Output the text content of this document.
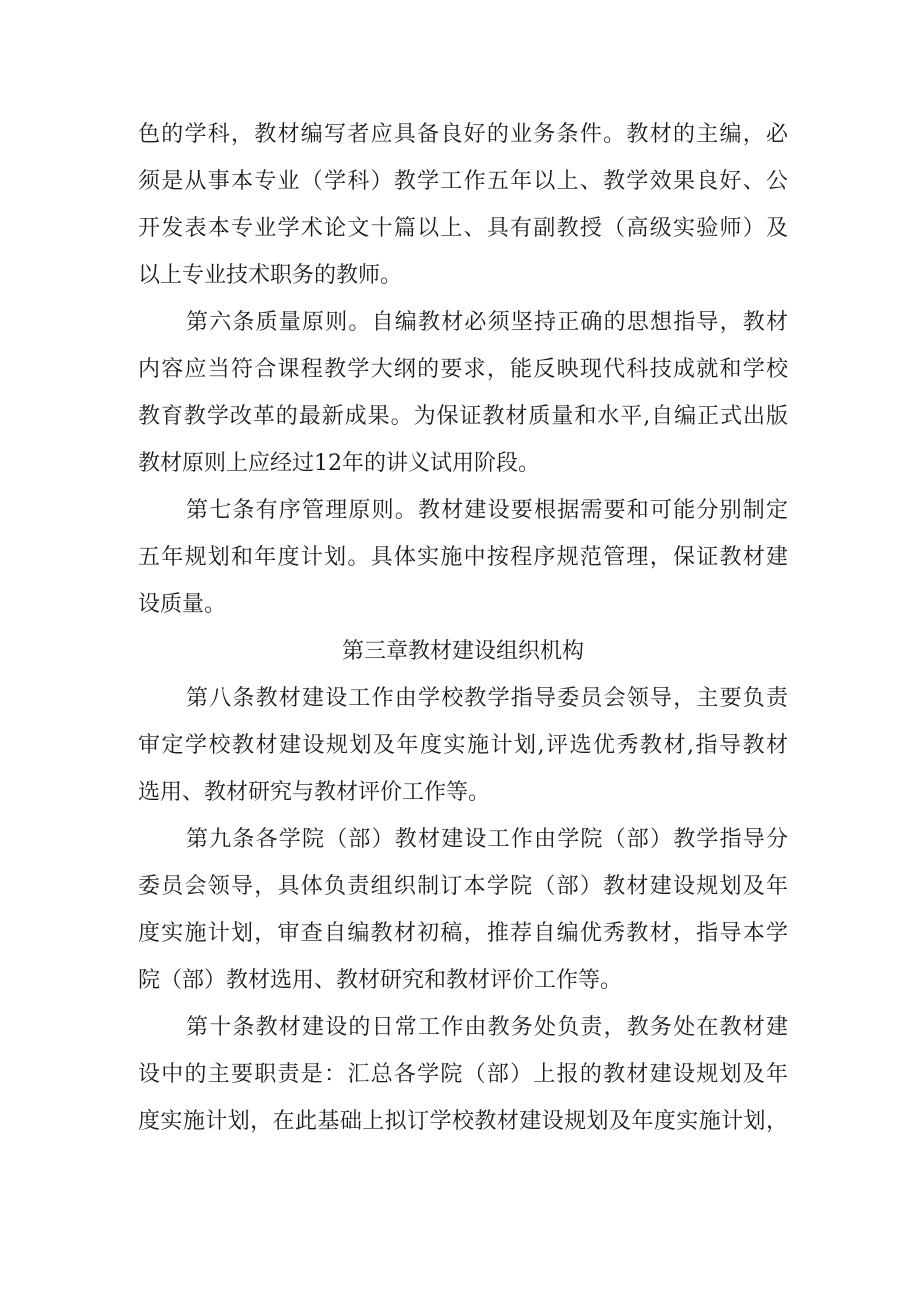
色的学科，教材编写者应具备良好的业务条件。教材的主编，必
须是从事本专业（学科）教学工作五年以上、教学效果良好、公
开发表本专业学术论文十篇以上、具有副教授（高级实验师）及
以上专业技术职务的教师。
第六条质量原则。自编教材必须坚持正确的思想指导，教材
内容应当符合课程教学大纲的要求，能反映现代科技成就和学校
教育教学改革的最新成果。为保证教材质量和水平,自编正式出版
教材原则上应经过12年的讲义试用阶段。
第七条有序管理原则。教材建设要根据需要和可能分别制定
五年规划和年度计划。具体实施中按程序规范管理，保证教材建
设质量。
第三章教材建设组织机构
第八条教材建设工作由学校教学指导委员会领导，主要负责
审定学校教材建设规划及年度实施计划,评选优秀教材,指导教材
选用、教材研究与教材评价工作等。
第九条各学院（部）教材建设工作由学院（部）教学指导分
委员会领导，具体负责组织制订本学院（部）教材建设规划及年
度实施计划，审查自编教材初稿，推荐自编优秀教材，指导本学
院（部）教材选用、教材研究和教材评价工作等。
第十条教材建设的日常工作由教务处负责，教务处在教材建
设中的主要职责是：汇总各学院（部）上报的教材建设规划及年
度实施计划，在此基础上拟订学校教材建设规划及年度实施计划，
